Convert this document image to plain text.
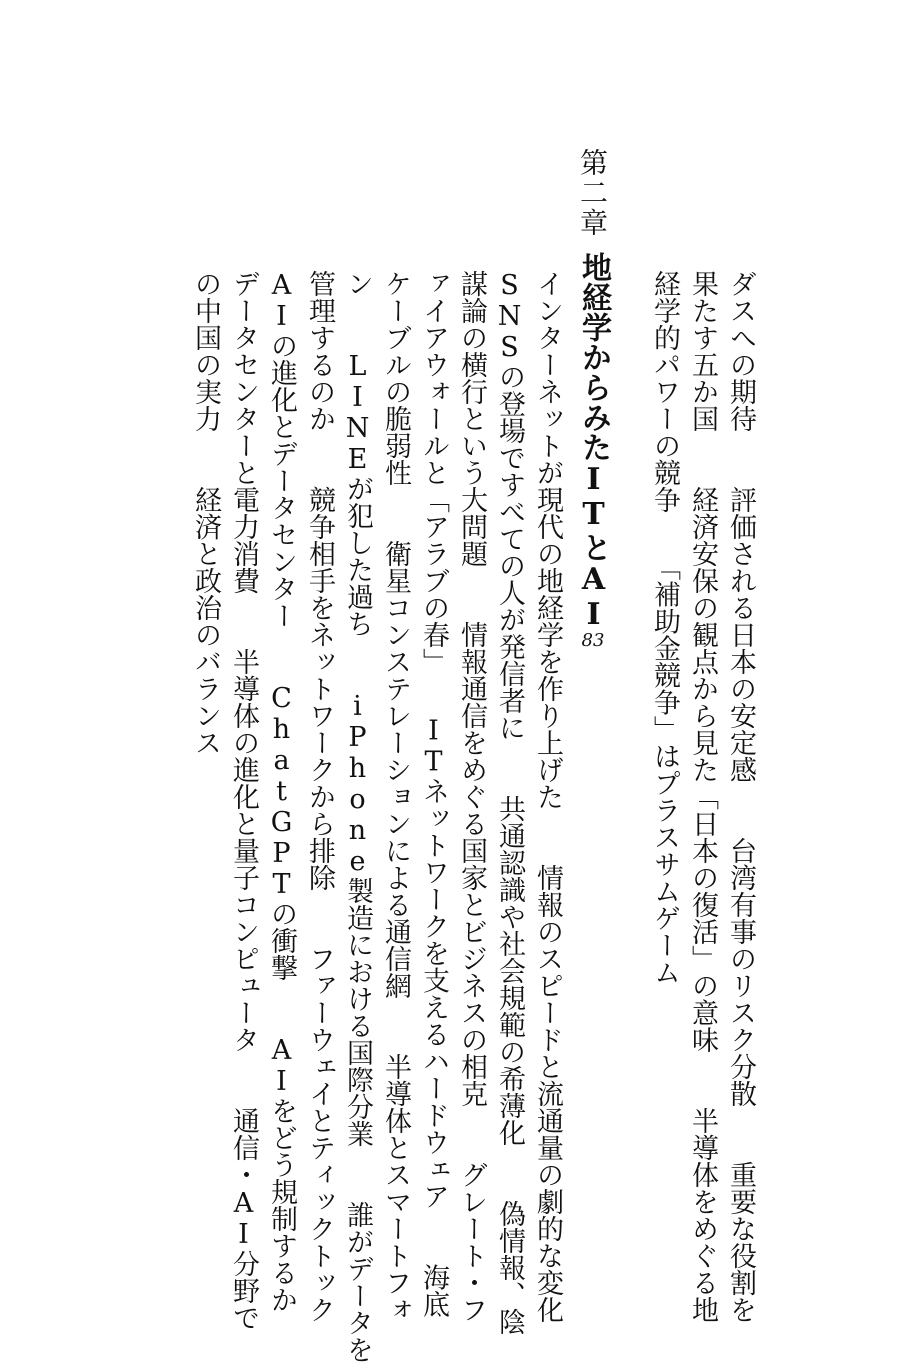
ダスへの期待　　評価される日本の安定感　　台湾有事のリスク分散　　重要な役割を
果たす五か国　　経済安保の観点から見た「日本の復活」の意味　　半導体をめぐる地
経学的パワーの競争　　「補助金競争」はプラスサムゲーム
第二章
地経学からみたITとAI
83
インターネットが現代の地経学を作り上げた　　情報のスピードと流通量の劇的な変化
SNSの登場ですべての人が発信者に　　共通認識や社会規範の希薄化　　偽情報、陰
謀論の横行という大問題　　情報通信をめぐる国家とビジネスの相克　　グレート・フ
ァイアウォールと「アラブの春」　　ITネットワークを支えるハードウェア　　海底
ケーブルの脆弱性　　衛星コンステレーションによる通信網　　半導体とスマートフォ
ン　　LINEが犯した過ち　　iPhone製造における国際分業　　誰がデータを
管理するのか　　競争相手をネットワークから排除　　ファーウェイとティックトック
AIの進化とデータセンター　　ChatGPTの衝撃　　AIをどう規制するか
データセンターと電力消費　　半導体の進化と量子コンピュータ　　通信・AI分野で
の中国の実力　　経済と政治のバランス
